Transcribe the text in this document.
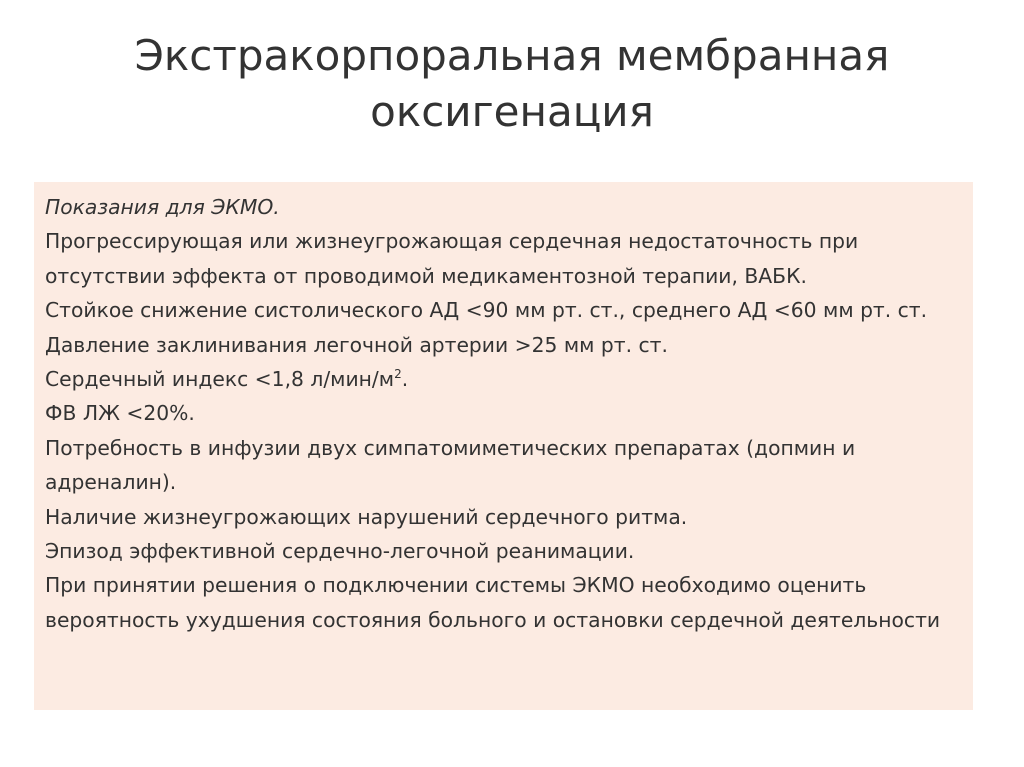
Экстракорпоральная мембранная
оксигенация

Показания для ЭКМО.

Прогрессирующая или жизнеугрожающая сердечная недостаточность при отсутствии эффекта от проводимой медикаментозной терапии, ВАБК.

Стойкое снижение систолического АД <90 мм рт. ст., среднего АД <60 мм рт. ст.

Давление заклинивания легочной артерии >25 мм рт. ст.

Сердечный индекс <1,8 $л/мин/м^2$.

ФВ ЛЖ <20%.

Потребность в инфузии двух симпатомиметических препаратах (допмин и адреналин).

Наличие жизнеугрожающих нарушений сердечного ритма.

Эпизод эффективной сердечно-легочной реанимации.

При принятии решения о подключении системы ЭКМО необходимо оценить вероятность ухудшения состояния больного и остановки сердечной деятельности
